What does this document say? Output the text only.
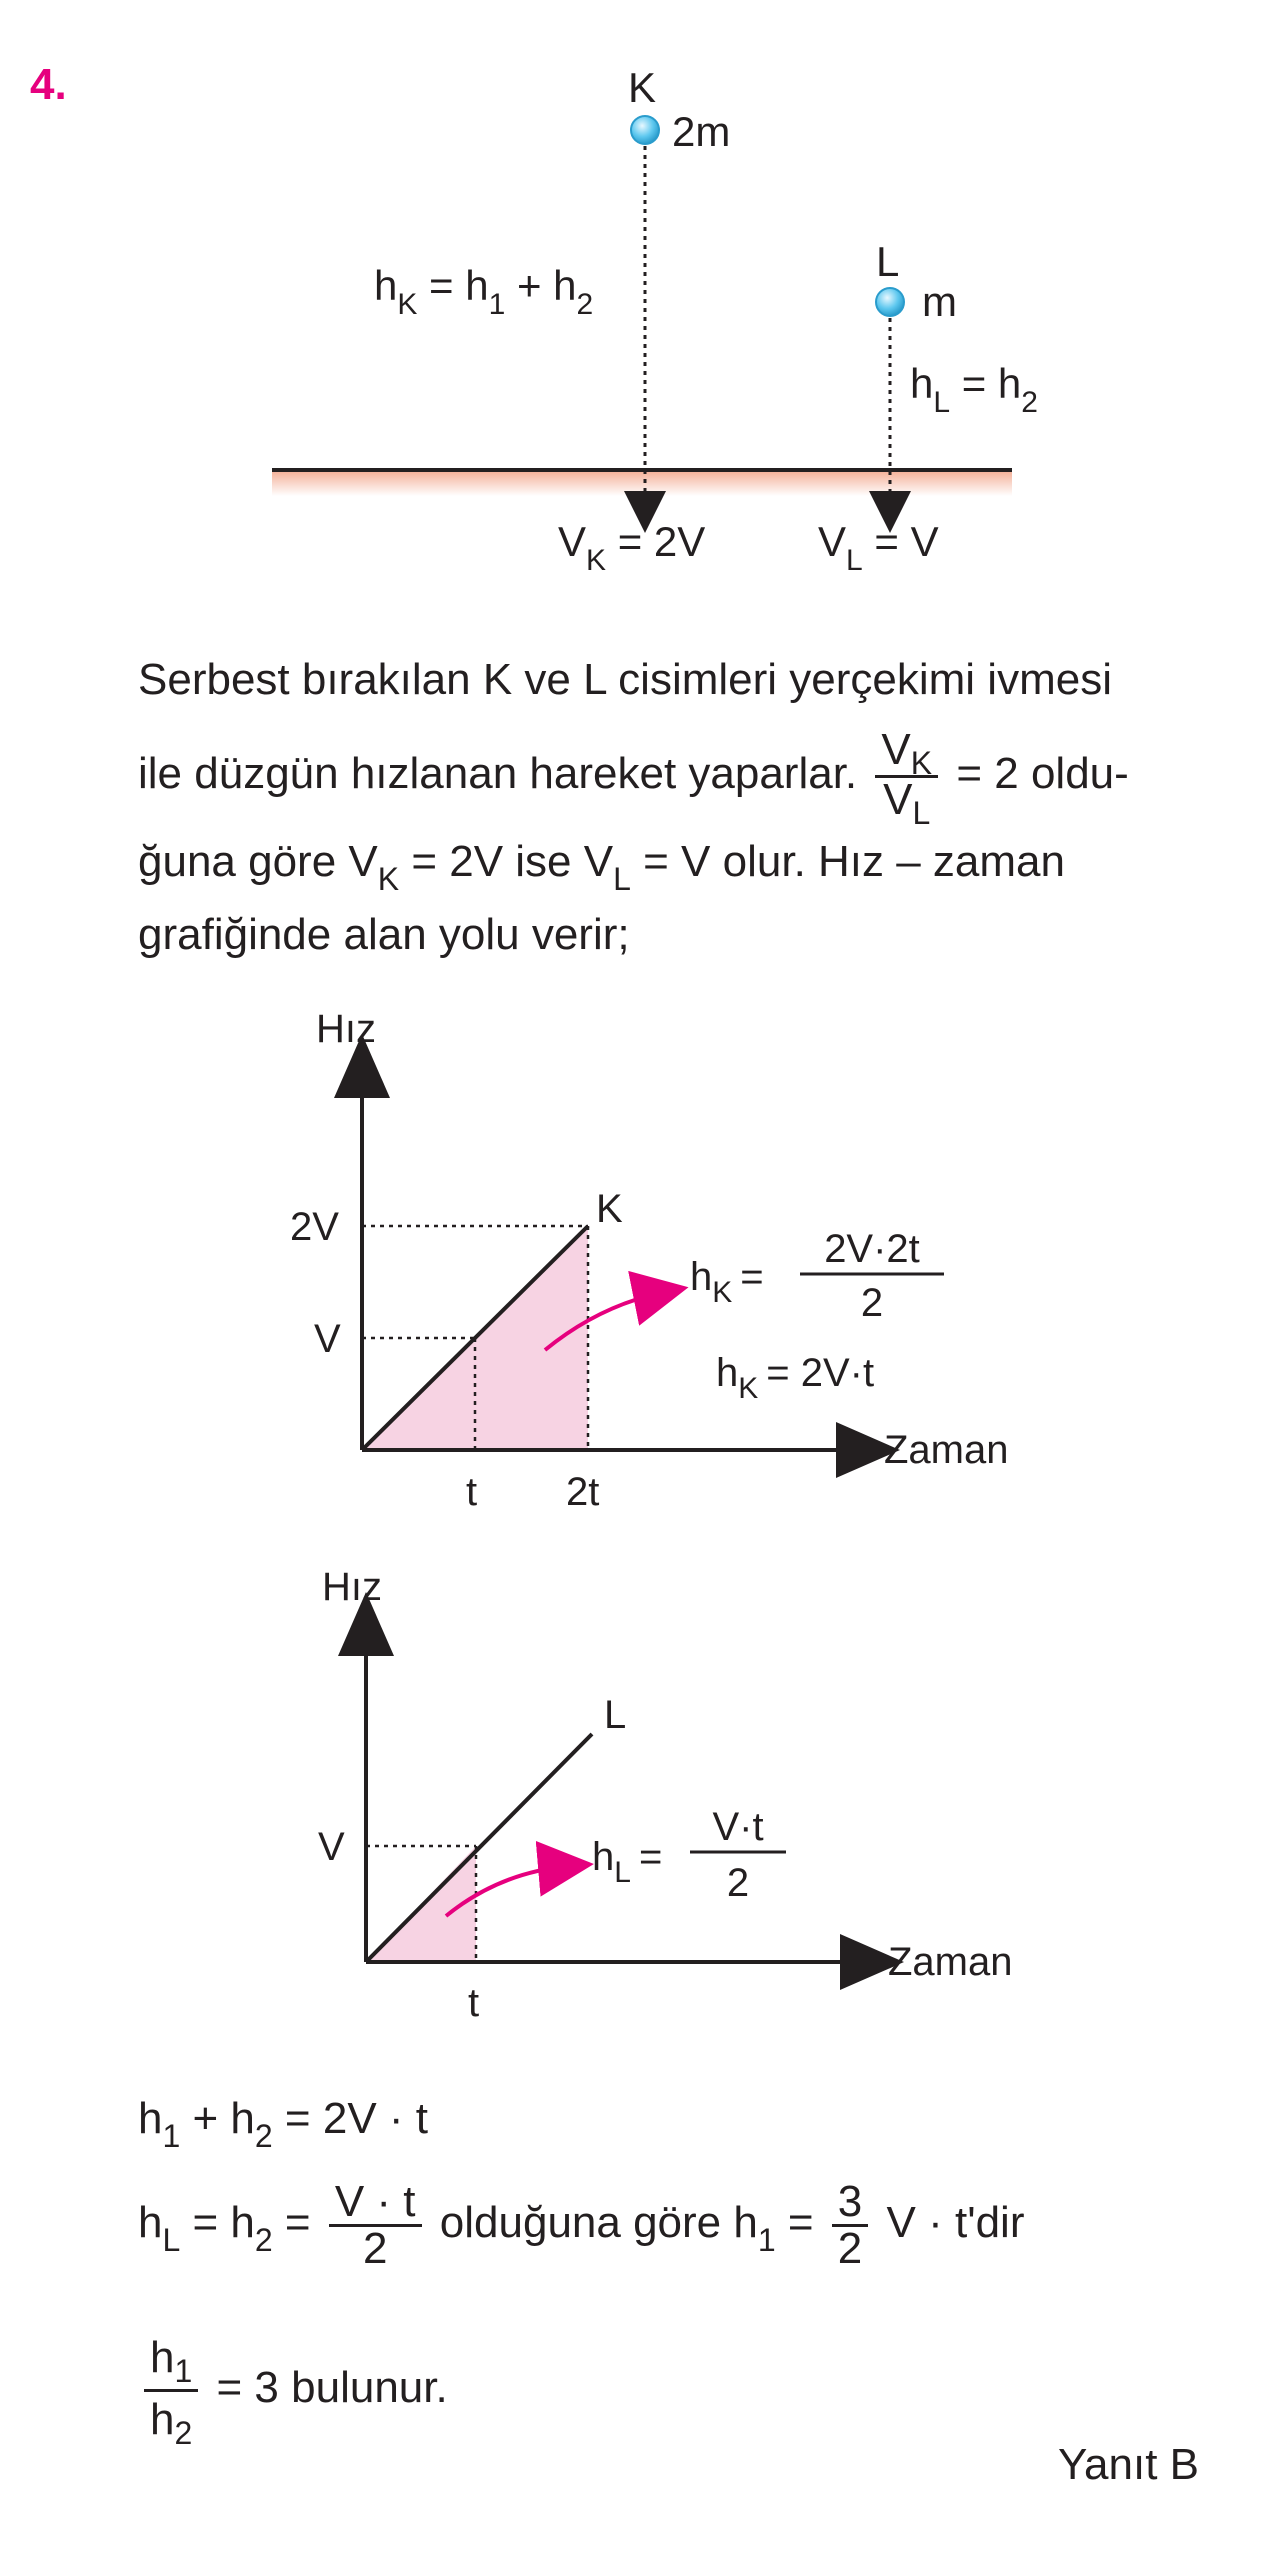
4.	K
2m
L
m
$h_K = h_1 + h_2$
$h_L = h_2$
$V_K = 2V$	$V_L = V$
Serbest bırakılan K ve L cisimleri yerçekimi ivmesi
ile düzgün hızlanan hareket yaparlar. $\frac{V_K}{V_L} = 2$ oldu-
ğuna göre $V_K = 2V$ ise $V_L = V$ olur. Hız – zaman
grafiğinde alan yolu verir;
Hız
Zaman
2V
V
t 2t
K
$h_K$ =
2V·2t
2
$h_K = 2V\cdot t$
Hız
Zaman
V
t
L
$h_L$ =
V·t
2
$h_1 + h_2 = 2V \cdot t$
$h_L = h_2 = \frac{V \cdot t}{2}$ olduğuna göre $h_1 = \frac{3}{2}$ V · t'dir
$\frac{h_1}{h_2} = 3$ bulunur.
Yanıt B
